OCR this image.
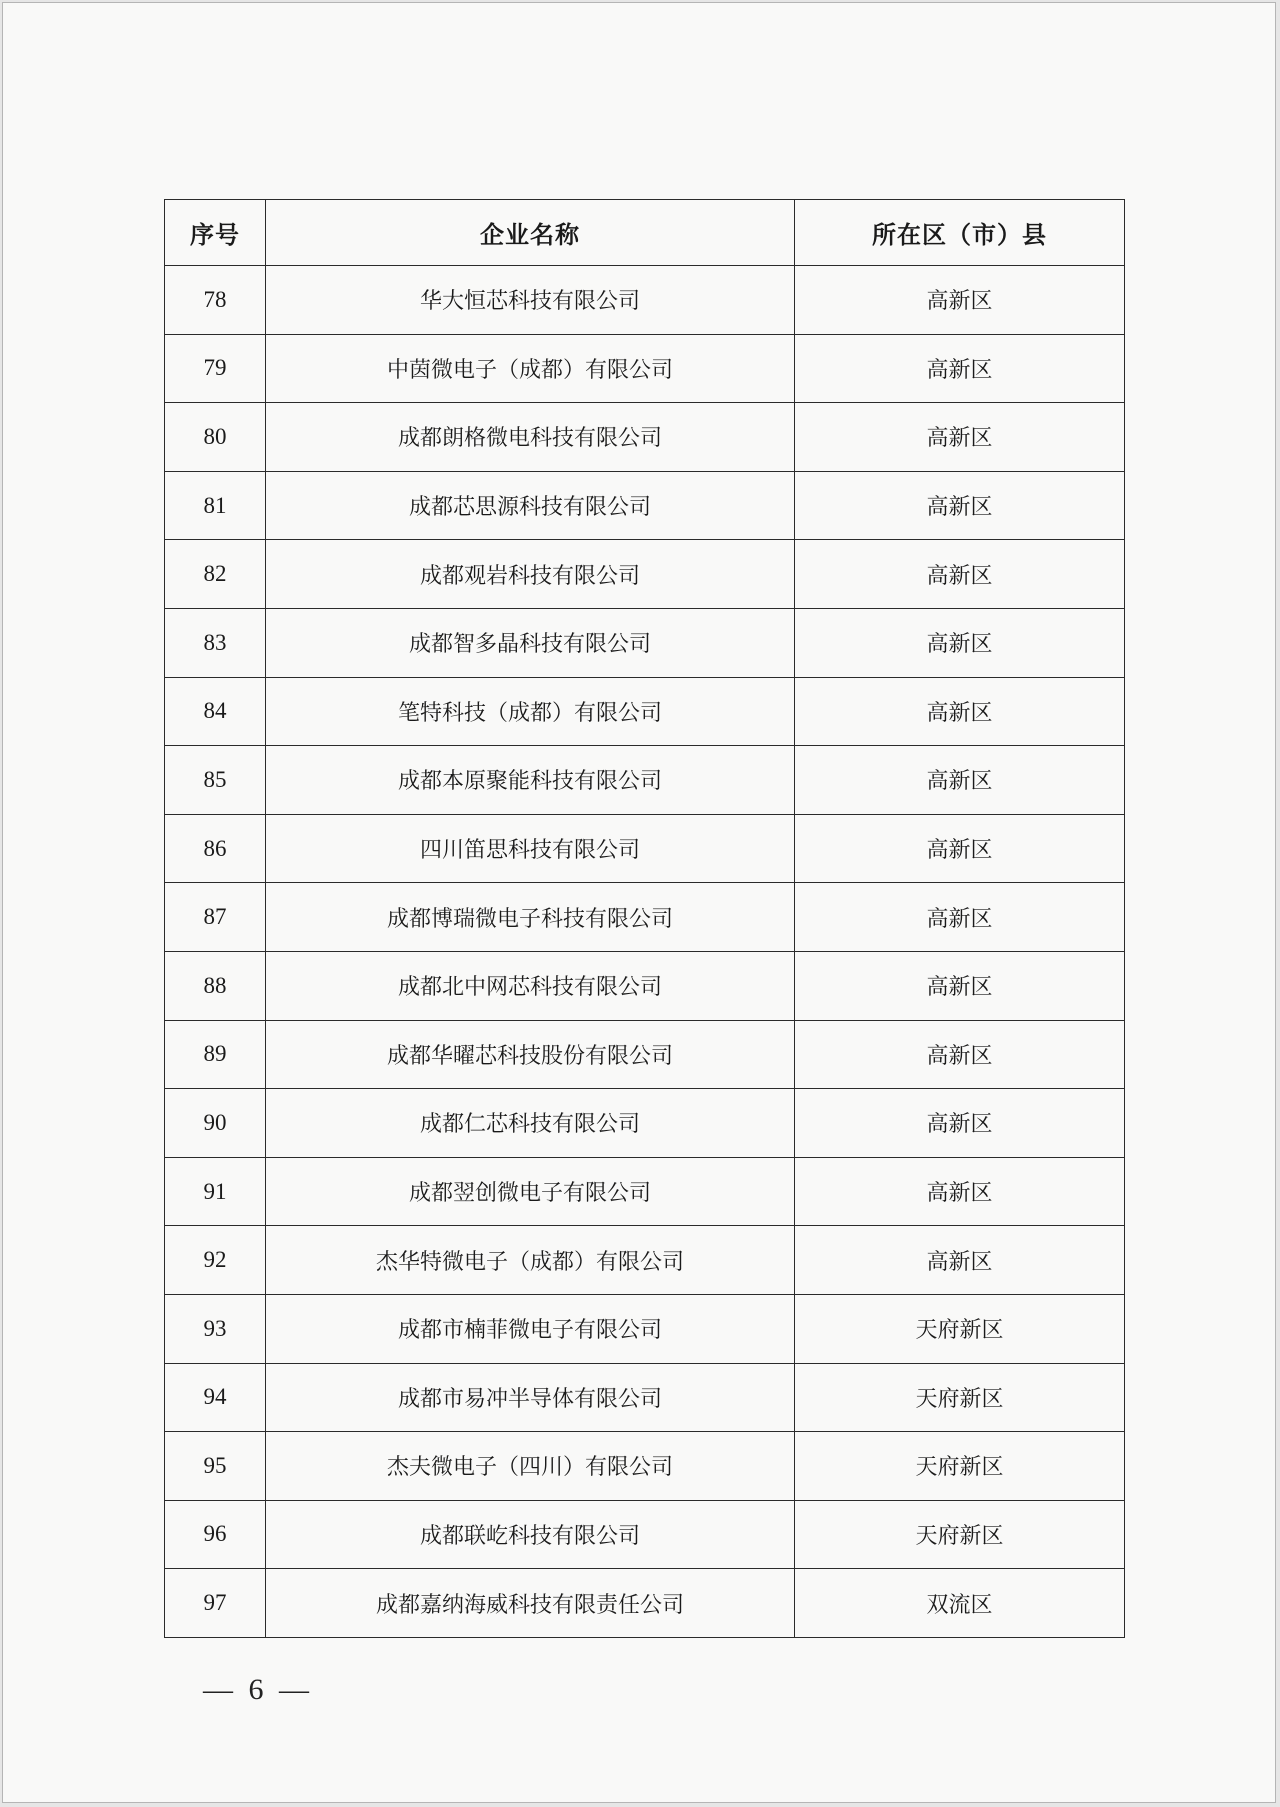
序号	企业名称	所在区（市）县
78	华大恒芯科技有限公司	高新区
79	中茵微电子（成都）有限公司	高新区
80	成都朗格微电科技有限公司	高新区
81	成都芯思源科技有限公司	高新区
82	成都观岩科技有限公司	高新区
83	成都智多晶科技有限公司	高新区
84	笔特科技（成都）有限公司	高新区
85	成都本原聚能科技有限公司	高新区
86	四川笛思科技有限公司	高新区
87	成都博瑞微电子科技有限公司	高新区
88	成都北中网芯科技有限公司	高新区
89	成都华曜芯科技股份有限公司	高新区
90	成都仁芯科技有限公司	高新区
91	成都翌创微电子有限公司	高新区
92	杰华特微电子（成都）有限公司	高新区
93	成都市楠菲微电子有限公司	天府新区
94	成都市易冲半导体有限公司	天府新区
95	杰夫微电子（四川）有限公司	天府新区
96	成都联屹科技有限公司	天府新区
97	成都嘉纳海威科技有限责任公司	双流区
— 6 —
